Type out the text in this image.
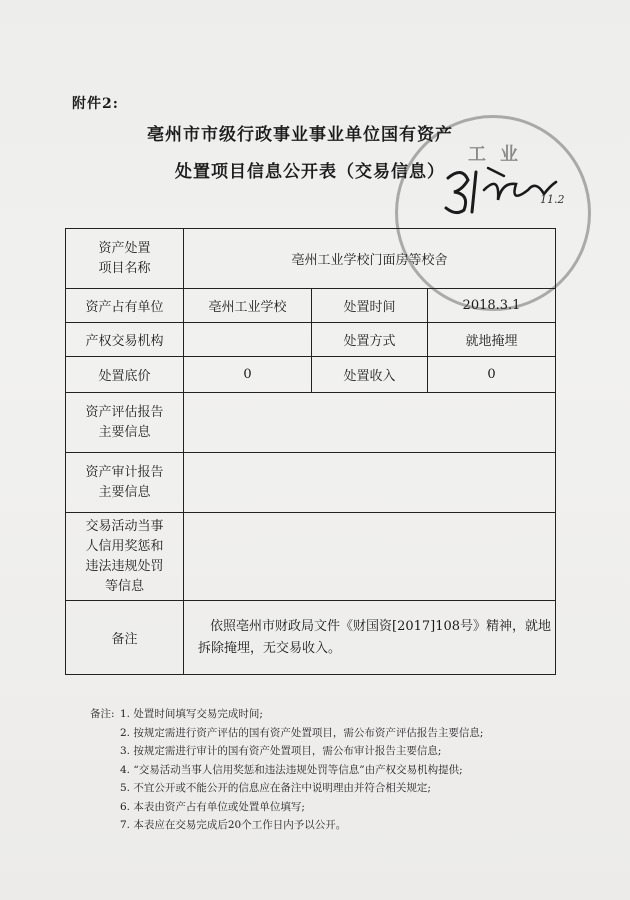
附件2:
亳州市市级行政事业事业单位国有资产
处置项目信息公开表（交易信息）
工业
11.2
资产处置
项目名称	亳州工业学校门面房等校舍		
资产占有单位	亳州工业学校	处置时间	2018.3.1
产权交易机构		处置方式	就地掩埋
处置底价	0	处置收入	0

资产评估报告
主要信息			

资产审计报告
主要信息			

交易活动当事
人信用奖惩和
违法违规处罚
等信息			

备注	依照亳州市财政局文件《财国资[2017]108号》精神，就地拆除掩埋，无交易收入。		
备注: 1. 处置时间填写交易完成时间;
2. 按规定需进行资产评估的国有资产处置项目，需公布资产评估报告主要信息;
3. 按规定需进行审计的国有资产处置项目，需公布审计报告主要信息;
4. “交易活动当事人信用奖惩和违法违规处罚等信息”由产权交易机构提供;
5. 不宜公开或不能公开的信息应在备注中说明理由并符合相关规定;
6. 本表由资产占有单位或处置单位填写;
7. 本表应在交易完成后20个工作日内予以公开。
